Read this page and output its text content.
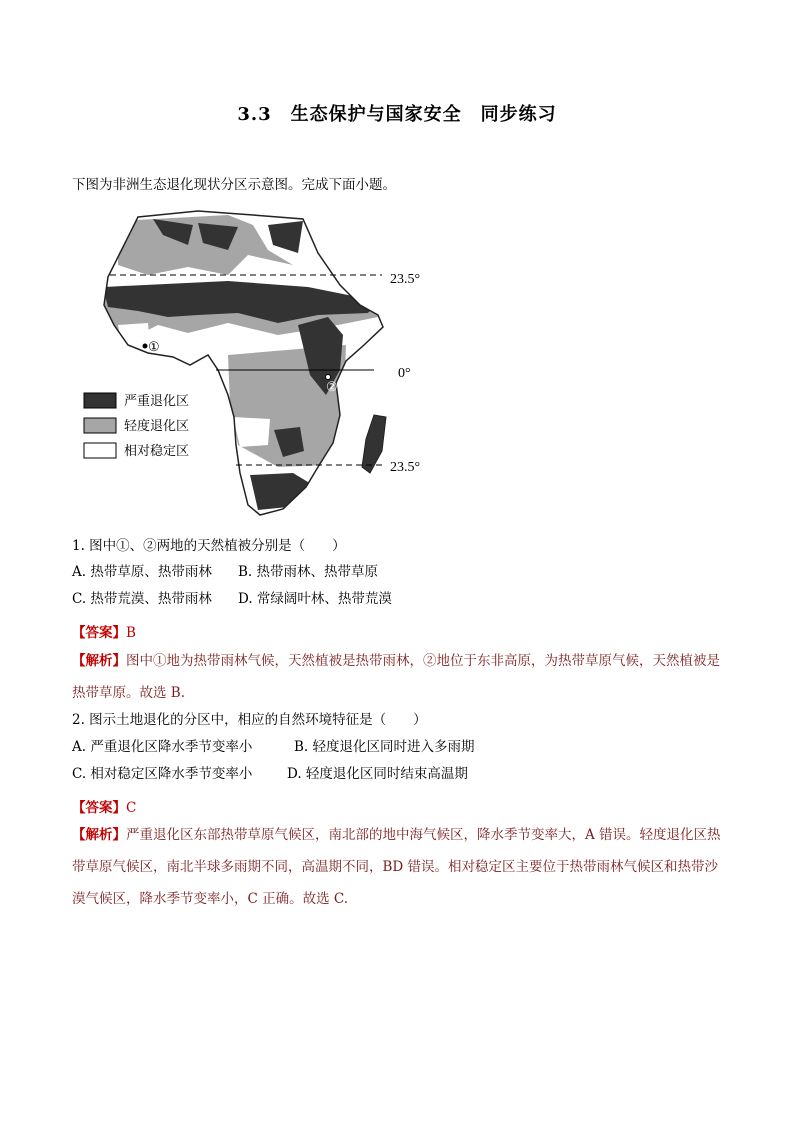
3.3　生态保护与国家安全　同步练习
下图为非洲生态退化现状分区示意图。完成下面小题。
23.5°
0°
23.5°
①
②
严重退化区
轻度退化区
相对稳定区
1. 图中①、②两地的天然植被分别是（　　）
A. 热带草原、热带雨林 B. 热带雨林、热带草原
C. 热带荒漠、热带雨林 D. 常绿阔叶林、热带荒漠
【答案】B
【解析】图中①地为热带雨林气候，天然植被是热带雨林，②地位于东非高原，为热带草原气候，天然植被是热带草原。故选 B.
2. 图示土地退化的分区中，相应的自然环境特征是（　　）
A. 严重退化区降水季节变率小	B. 轻度退化区同时进入多雨期
C. 相对稳定区降水季节变率小	D. 轻度退化区同时结束高温期
【答案】C
【解析】严重退化区东部热带草原气候区，南北部的地中海气候区，降水季节变率大，A 错误。轻度退化区热带草原气候区，南北半球多雨期不同，高温期不同，BD 错误。相对稳定区主要位于热带雨林气候区和热带沙漠气候区，降水季节变率小，C 正确。故选 C.
